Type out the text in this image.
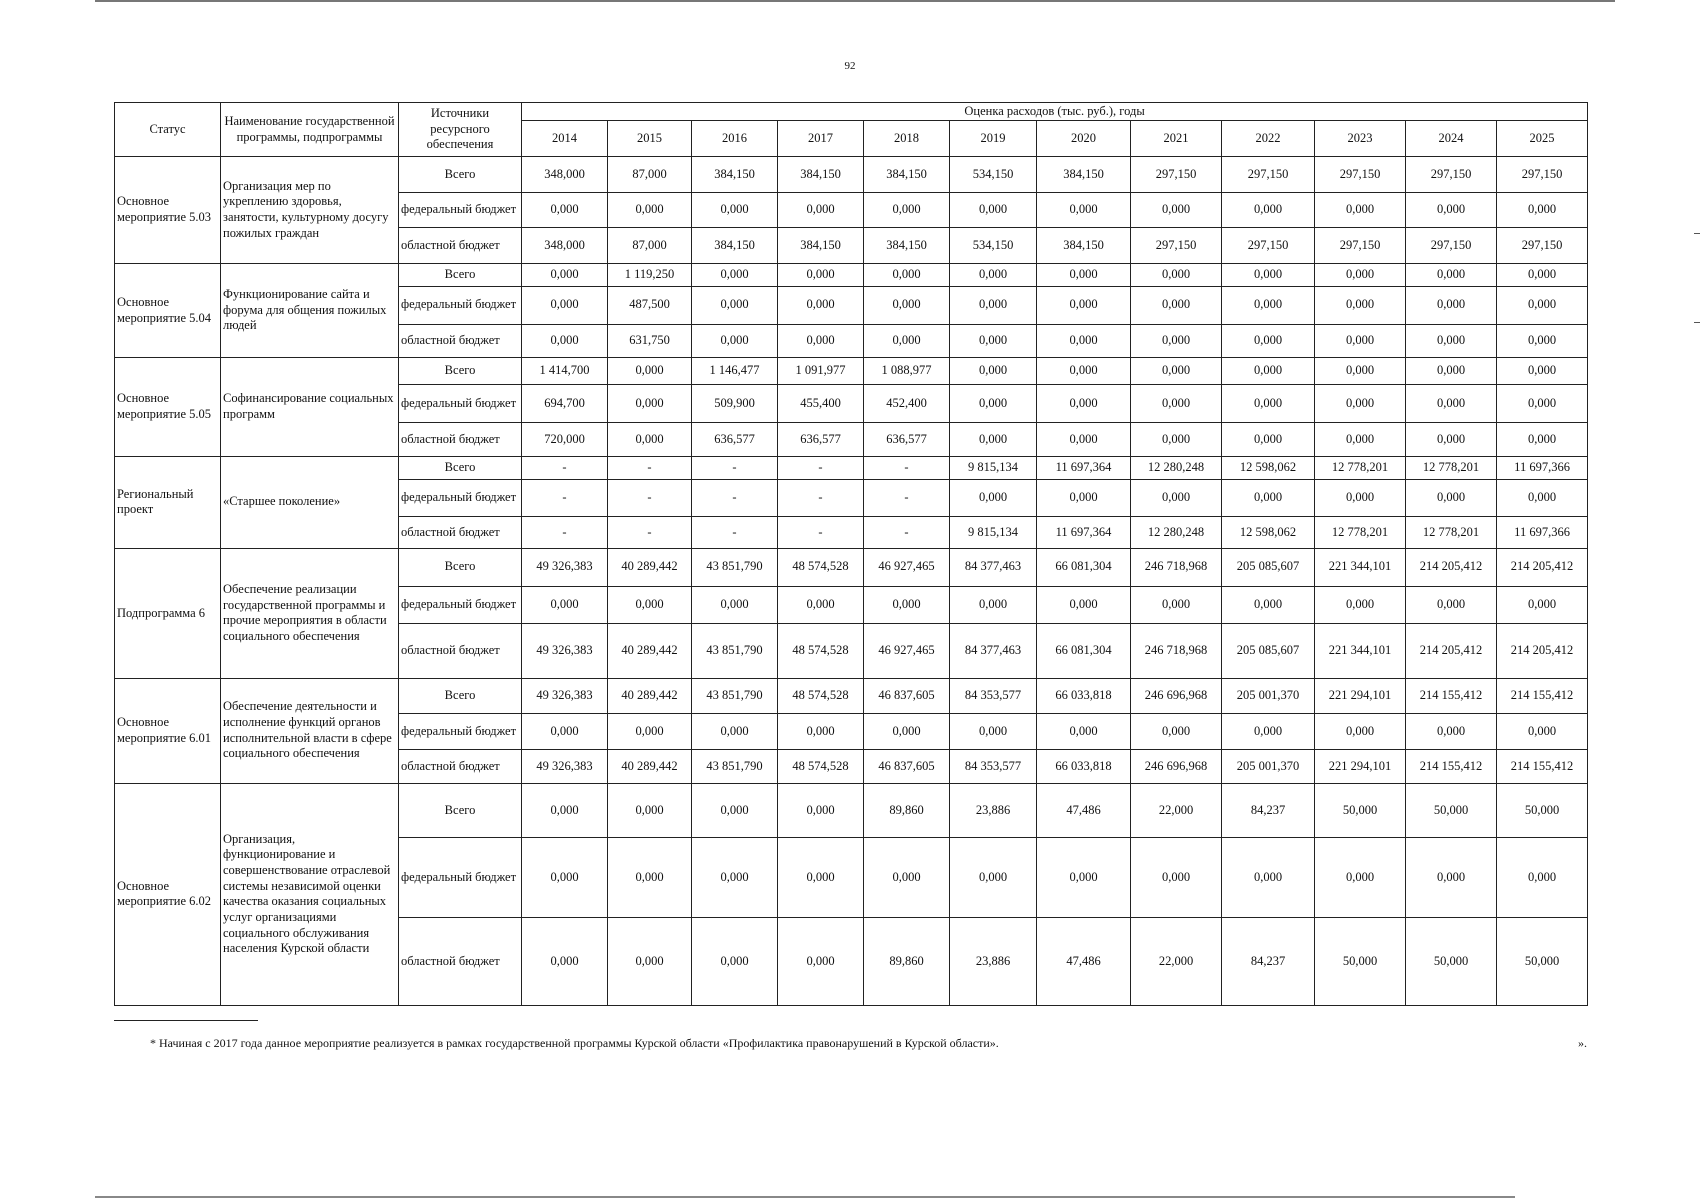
92
Статус	Наименование государственной программы, подпрограммы	Источники ресурсного обеспечения	Оценка расходов (тыс. руб.), годы											
			2014	2015	2016	2017	2018	2019	2020	2021	2022	2023	2024	2025
Основное мероприятие 5.03	Организация мер по укреплению здоровья, занятости, культурному досугу пожилых граждан	Всего	348,000	87,000	384,150	384,150	384,150	534,150	384,150	297,150	297,150	297,150	297,150	297,150
		федеральный бюджет	0,000	0,000	0,000	0,000	0,000	0,000	0,000	0,000	0,000	0,000	0,000	0,000
		областной бюджет	348,000	87,000	384,150	384,150	384,150	534,150	384,150	297,150	297,150	297,150	297,150	297,150
Основное мероприятие 5.04	Функционирование сайта и форума для общения пожилых людей	Всего	0,000	1 119,250	0,000	0,000	0,000	0,000	0,000	0,000	0,000	0,000	0,000	0,000
		федеральный бюджет	0,000	487,500	0,000	0,000	0,000	0,000	0,000	0,000	0,000	0,000	0,000	0,000
		областной бюджет	0,000	631,750	0,000	0,000	0,000	0,000	0,000	0,000	0,000	0,000	0,000	0,000
Основное мероприятие 5.05	Софинансирование социальных программ	Всего	1 414,700	0,000	1 146,477	1 091,977	1 088,977	0,000	0,000	0,000	0,000	0,000	0,000	0,000
		федеральный бюджет	694,700	0,000	509,900	455,400	452,400	0,000	0,000	0,000	0,000	0,000	0,000	0,000
		областной бюджет	720,000	0,000	636,577	636,577	636,577	0,000	0,000	0,000	0,000	0,000	0,000	0,000
Региональный проект	«Старшее поколение»	Всего	-	-	-	-	-	9 815,134	11 697,364	12 280,248	12 598,062	12 778,201	12 778,201	11 697,366
		федеральный бюджет	-	-	-	-	-	0,000	0,000	0,000	0,000	0,000	0,000	0,000
		областной бюджет	-	-	-	-	-	9 815,134	11 697,364	12 280,248	12 598,062	12 778,201	12 778,201	11 697,366
Подпрограмма 6	Обеспечение реализации государственной программы и прочие мероприятия в области социального обеспечения	Всего	49 326,383	40 289,442	43 851,790	48 574,528	46 927,465	84 377,463	66 081,304	246 718,968	205 085,607	221 344,101	214 205,412	214 205,412
		федеральный бюджет	0,000	0,000	0,000	0,000	0,000	0,000	0,000	0,000	0,000	0,000	0,000	0,000
		областной бюджет	49 326,383	40 289,442	43 851,790	48 574,528	46 927,465	84 377,463	66 081,304	246 718,968	205 085,607	221 344,101	214 205,412	214 205,412
Основное мероприятие 6.01	Обеспечение деятельности и исполнение функций органов исполнительной власти в сфере социального обеспечения	Всего	49 326,383	40 289,442	43 851,790	48 574,528	46 837,605	84 353,577	66 033,818	246 696,968	205 001,370	221 294,101	214 155,412	214 155,412
		федеральный бюджет	0,000	0,000	0,000	0,000	0,000	0,000	0,000	0,000	0,000	0,000	0,000	0,000
		областной бюджет	49 326,383	40 289,442	43 851,790	48 574,528	46 837,605	84 353,577	66 033,818	246 696,968	205 001,370	221 294,101	214 155,412	214 155,412
Основное мероприятие 6.02	Организация, функционирование и совершенствование отраслевой системы независимой оценки качества оказания социальных услуг организациями социального обслуживания населения Курской области	Всего	0,000	0,000	0,000	0,000	89,860	23,886	47,486	22,000	84,237	50,000	50,000	50,000
		федеральный бюджет	0,000	0,000	0,000	0,000	0,000	0,000	0,000	0,000	0,000	0,000	0,000	0,000
		областной бюджет	0,000	0,000	0,000	0,000	89,860	23,886	47,486	22,000	84,237	50,000	50,000	50,000
* Начиная с 2017 года данное мероприятие реализуется в рамках государственной программы Курской области «Профилактика правонарушений в Курской области».	».
